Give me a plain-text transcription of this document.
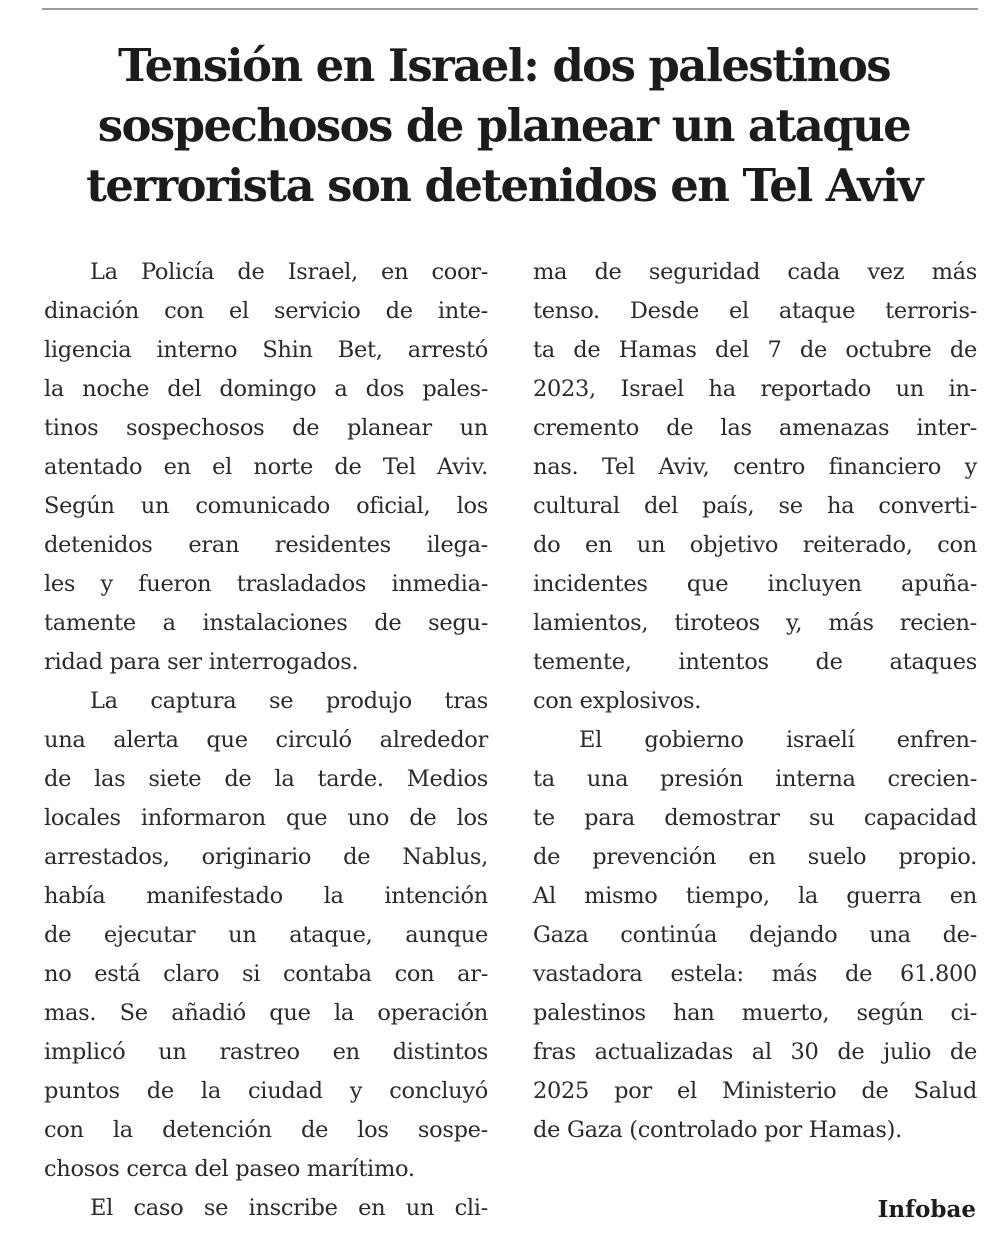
Tensión en Israel: dos palestinos
sospechosos de planear un ataque
terrorista son detenidos en Tel Aviv
La Policía de Israel, en coor-
dinación con el servicio de inte-
ligencia interno Shin Bet, arrestó
la noche del domingo a dos pales-
tinos sospechosos de planear un
atentado en el norte de Tel Aviv.
Según un comunicado oficial, los
detenidos eran residentes ilega-
les y fueron trasladados inmedia-
tamente a instalaciones de segu-
ridad para ser interrogados.
La captura se produjo tras
una alerta que circuló alrededor
de las siete de la tarde. Medios
locales informaron que uno de los
arrestados, originario de Nablus,
había manifestado la intención
de ejecutar un ataque, aunque
no está claro si contaba con ar-
mas. Se añadió que la operación
implicó un rastreo en distintos
puntos de la ciudad y concluyó
con la detención de los sospe-
chosos cerca del paseo marítimo.
El caso se inscribe en un cli-
ma de seguridad cada vez más
tenso. Desde el ataque terroris-
ta de Hamas del 7 de octubre de
2023, Israel ha reportado un in-
cremento de las amenazas inter-
nas. Tel Aviv, centro financiero y
cultural del país, se ha converti-
do en un objetivo reiterado, con
incidentes que incluyen apuña-
lamientos, tiroteos y, más recien-
temente, intentos de ataques
con explosivos.
El gobierno israelí enfren-
ta una presión interna crecien-
te para demostrar su capacidad
de prevención en suelo propio.
Al mismo tiempo, la guerra en
Gaza continúa dejando una de-
vastadora estela: más de 61.800
palestinos han muerto, según ci-
fras actualizadas al 30 de julio de
2025 por el Ministerio de Salud
de Gaza (controlado por Hamas).
Infobae
